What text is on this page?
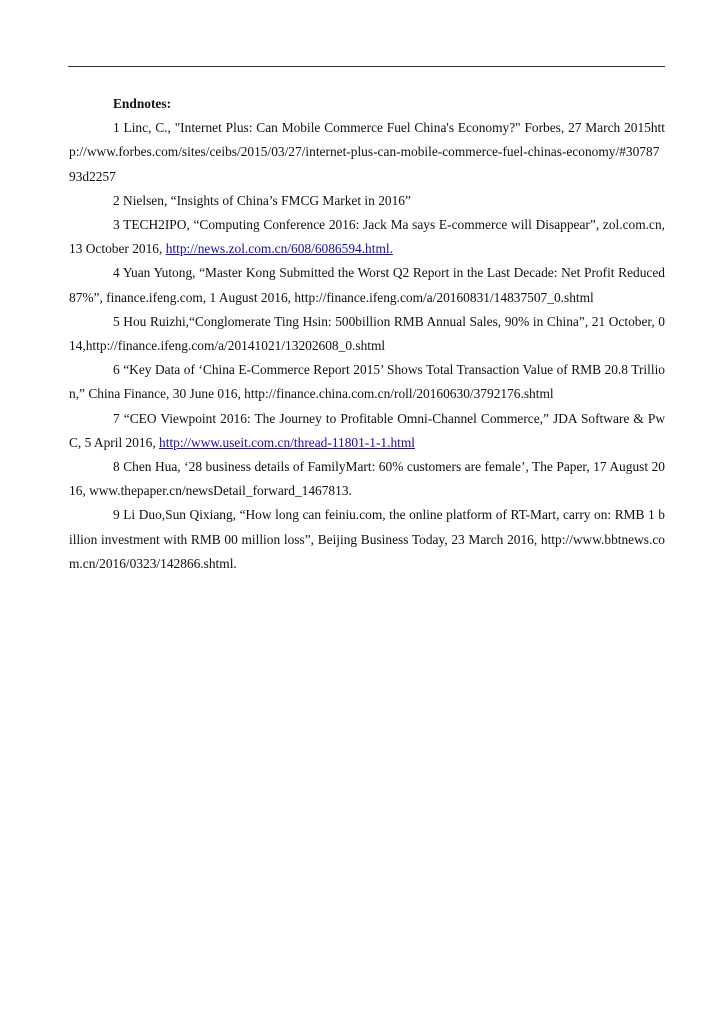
Endnotes:

1 Linc, C., "Internet Plus: Can Mobile Commerce Fuel China's Economy?" Forbes, 27 March 2015http://www.forbes.com/sites/ceibs/2015/03/27/internet-plus-can-mobile-commerce-fuel-chinas-economy/#3078793d2257

2 Nielsen, “Insights of China’s FMCG Market in 2016”

3 TECH2IPO, “Computing Conference 2016: Jack Ma says E-commerce will Disappear”, zol.com.cn, 13 October 2016, http://news.zol.com.cn/608/6086594.html.

4 Yuan Yutong, “Master Kong Submitted the Worst Q2 Report in the Last Decade: Net Profit Reduced 87%”, finance.ifeng.com, 1 August 2016, http://finance.ifeng.com/a/20160831/14837507_0.shtml

5 Hou Ruizhi,“Conglomerate Ting Hsin: 500billion RMB Annual Sales, 90% in China”, 21 October, 014,http://finance.ifeng.com/a/20141021/13202608_0.shtml

6 “Key Data of ‘China E-Commerce Report 2015’ Shows Total Transaction Value of RMB 20.8 Trillion,” China Finance, 30 June 016, http://finance.china.com.cn/roll/20160630/3792176.shtml

7 “CEO Viewpoint 2016: The Journey to Profitable Omni-Channel Commerce,” JDA Software & PwC, 5 April 2016, http://www.useit.com.cn/thread-11801-1-1.html

8 Chen Hua, ‘28 business details of FamilyMart: 60% customers are female’, The Paper, 17 August 2016, www.thepaper.cn/newsDetail_forward_1467813.

9 Li Duo,Sun Qixiang, “How long can feiniu.com, the online platform of RT-Mart, carry on: RMB 1 billion investment with RMB 00 million loss”, Beijing Business Today, 23 March 2016, http://www.bbtnews.com.cn/2016/0323/142866.shtml.
